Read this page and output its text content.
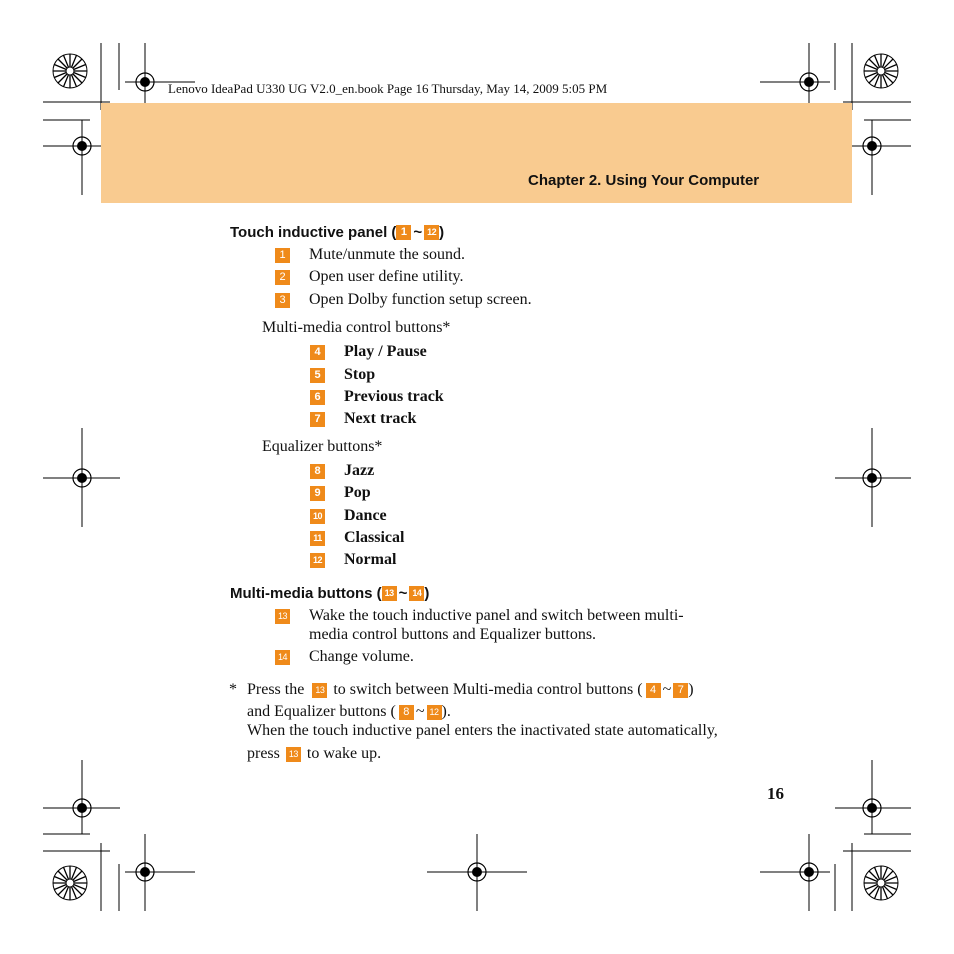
Lenovo IdeaPad U330 UG V2.0_en.book Page 16 Thursday, May 14, 2009 5:05 PM
Chapter 2. Using Your Computer
Touch inductive panel ( 1 ~ 12 )
1 Mute/unmute the sound.
2 Open user define utility.
3 Open Dolby function setup screen.
Multi-media control buttons*
4 Play / Pause
5 Stop
6 Previous track
7 Next track
Equalizer buttons*
8 Jazz
9 Pop
10 Dance
11 Classical
12 Normal
Multi-media buttons ( 13 ~ 14 )
13 Wake the touch inductive panel and switch between multi-
media control buttons and Equalizer buttons.
14 Change volume.
* Press the	13 to switch between Multi-media control buttons ( 4 ~ 7 )
and Equalizer buttons ( 8 ~ 12 ).
When the touch inductive panel enters the inactivated state automatically,
press 13 to wake up.
16
